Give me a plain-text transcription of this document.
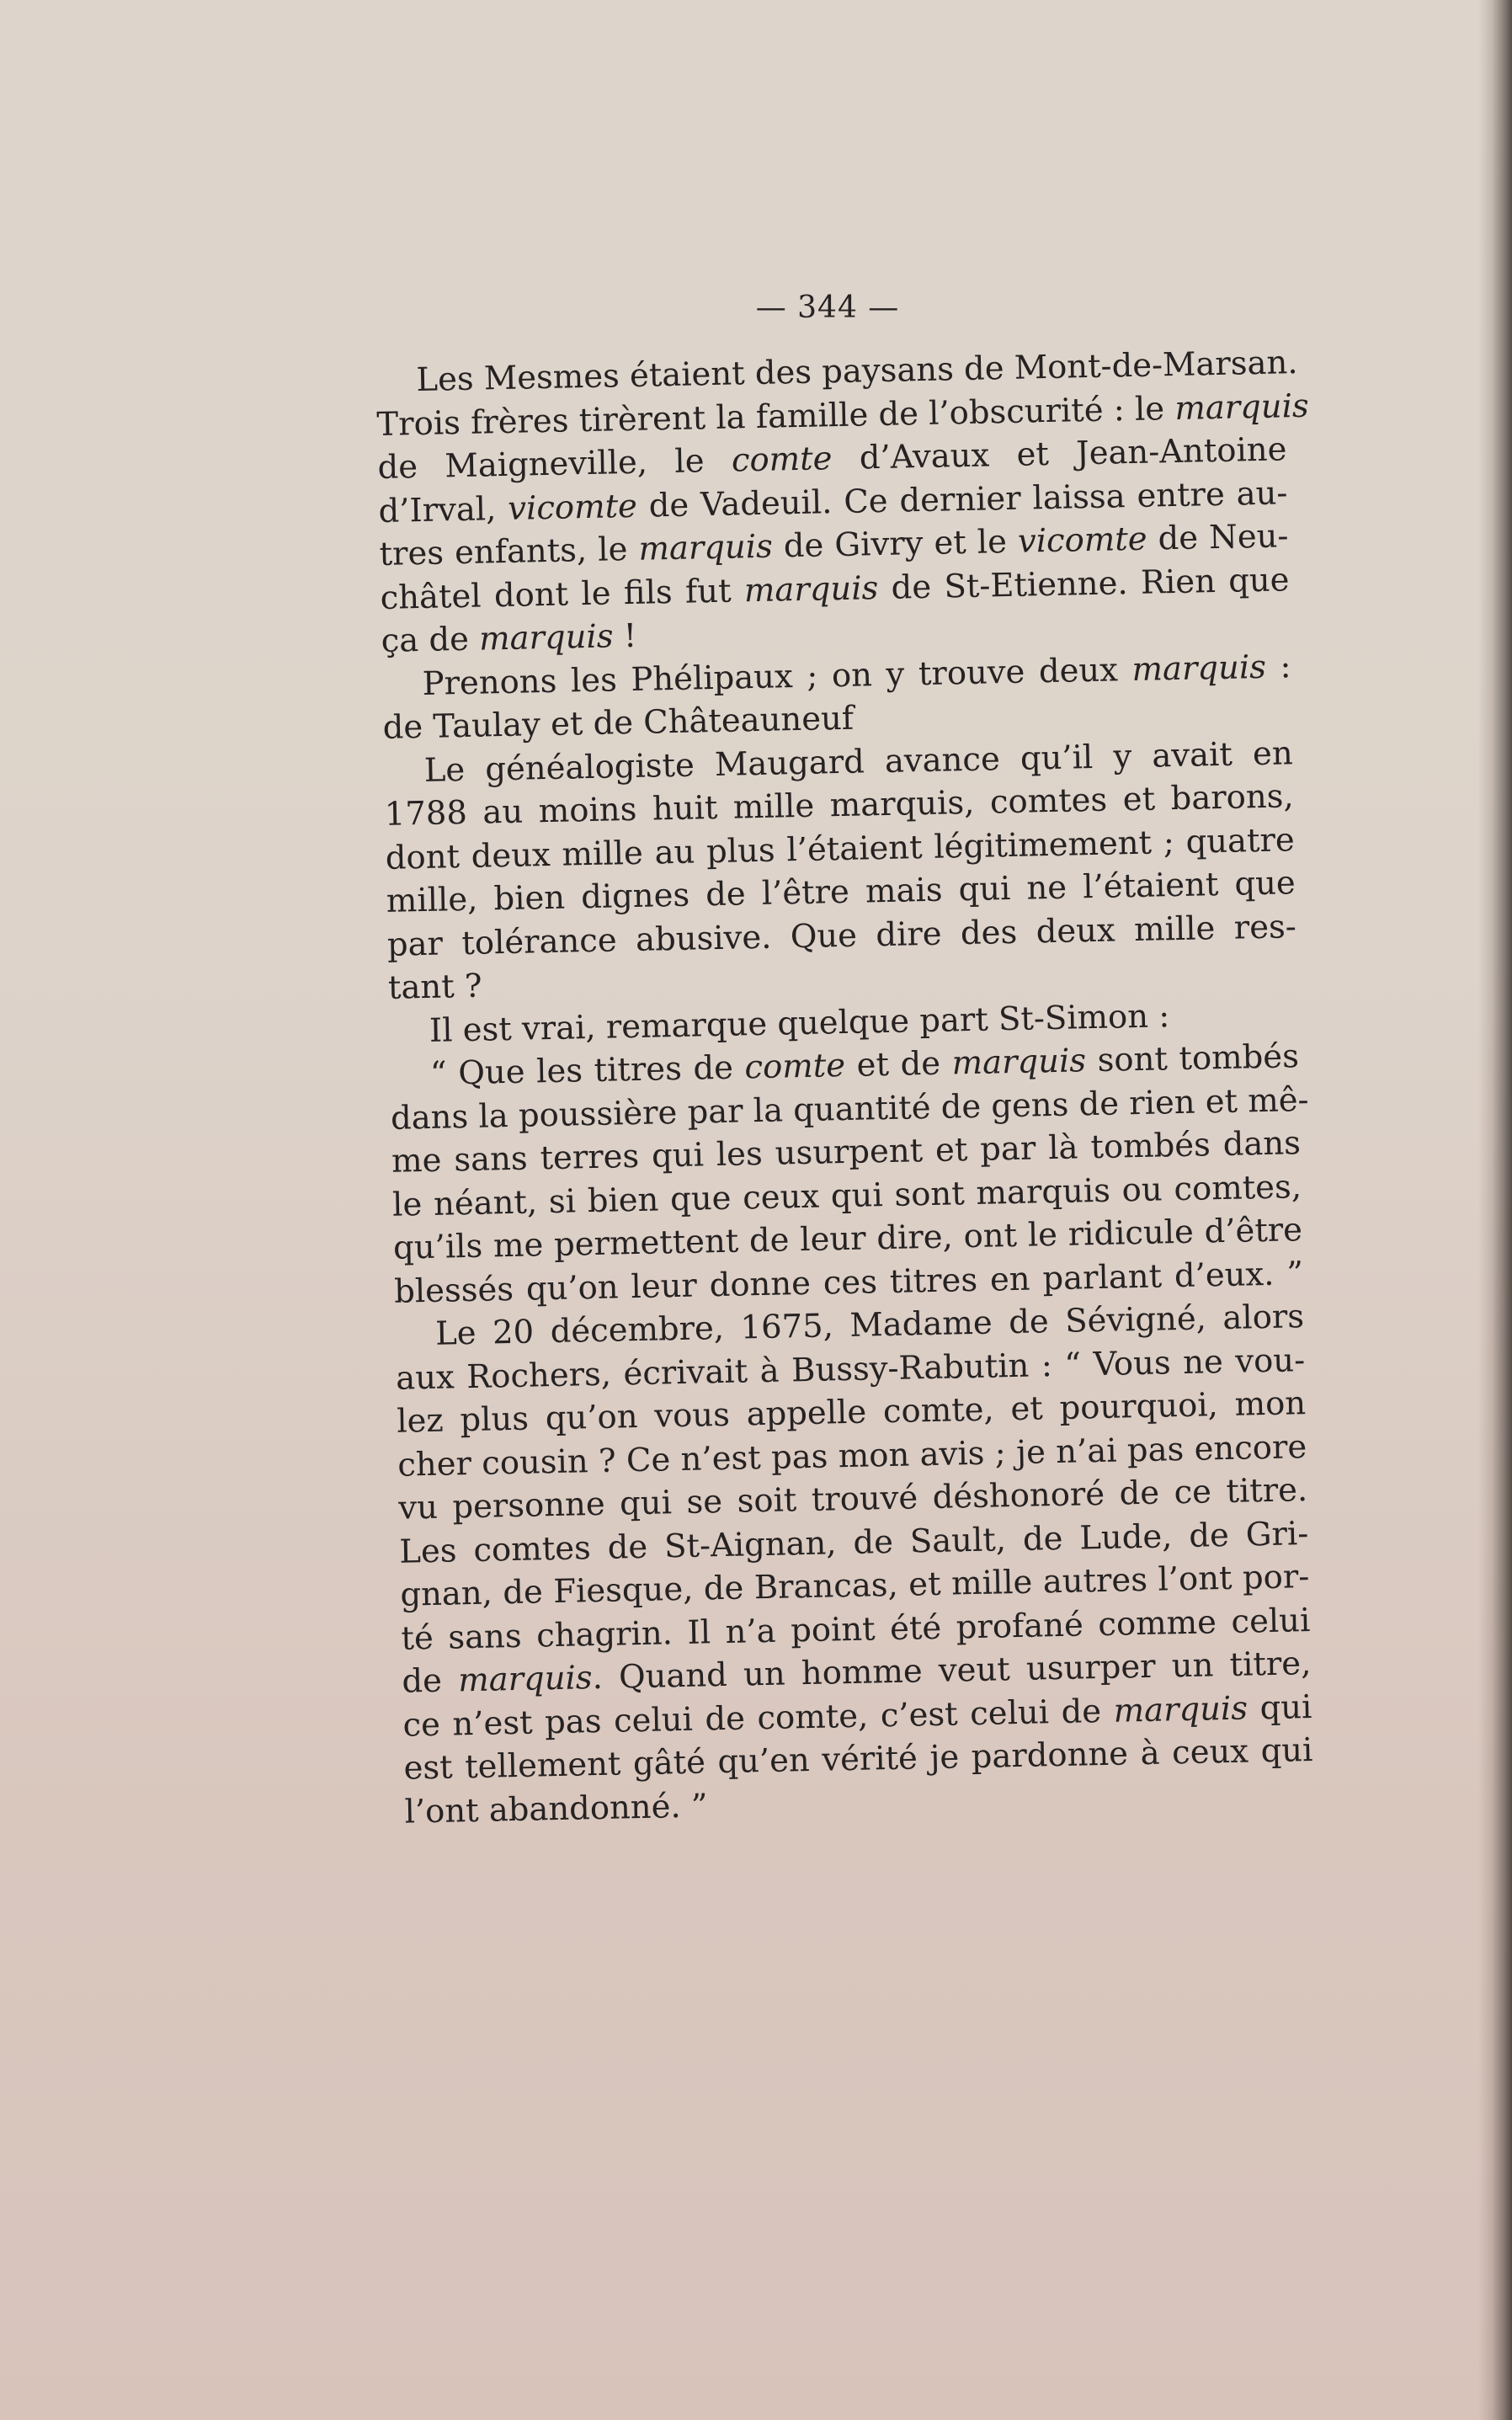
— 344 —
Les Mesmes étaient des paysans de Mont-de-Marsan.
Trois frères tirèrent la famille de l’obscurité : le marquis
de Maigneville, le comte d’Avaux et Jean-Antoine
d’Irval, vicomte de Vadeuil. Ce dernier laissa entre au-
tres enfants, le marquis de Givry et le vicomte de Neu-
châtel dont le fils fut marquis de St-Etienne. Rien que
ça de marquis !
Prenons les Phélipaux ; on y trouve deux marquis :
de Taulay et de Châteauneuf
Le généalogiste Maugard avance qu’il y avait en
1788 au moins huit mille marquis, comtes et barons,
dont deux mille au plus l’étaient légitimement ; quatre
mille, bien dignes de l’être mais qui ne l’étaient que
par tolérance abusive. Que dire des deux mille res-
tant ?
Il est vrai, remarque quelque part St-Simon :
“ Que les titres de comte et de marquis sont tombés
dans la poussière par la quantité de gens de rien et mê-
me sans terres qui les usurpent et par là tombés dans
le néant, si bien que ceux qui sont marquis ou comtes,
qu’ils me permettent de leur dire, ont le ridicule d’être
blessés qu’on leur donne ces titres en parlant d’eux. ”
Le 20 décembre, 1675, Madame de Sévigné, alors
aux Rochers, écrivait à Bussy-Rabutin : “ Vous ne vou-
lez plus qu’on vous appelle comte, et pourquoi, mon
cher cousin ? Ce n’est pas mon avis ; je n’ai pas encore
vu personne qui se soit trouvé déshonoré de ce titre.
Les comtes de St-Aignan, de Sault, de Lude, de Gri-
gnan, de Fiesque, de Brancas, et mille autres l’ont por-
té sans chagrin. Il n’a point été profané comme celui
de marquis. Quand un homme veut usurper un titre,
ce n’est pas celui de comte, c’est celui de marquis qui
est tellement gâté qu’en vérité je pardonne à ceux qui
l’ont abandonné. ”
